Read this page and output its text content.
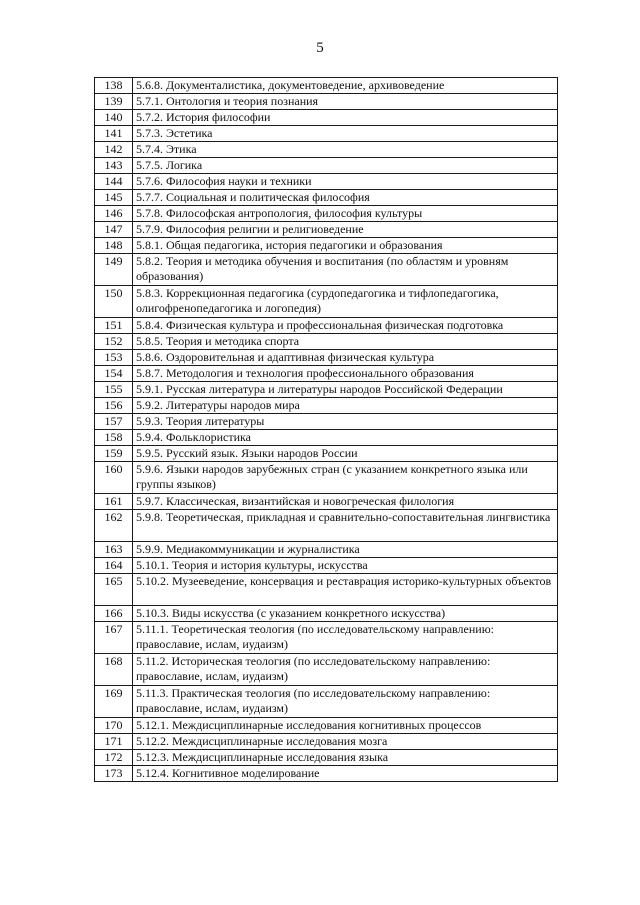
5
138	5.6.8. Документалистика, документоведение, архивоведение
139	5.7.1. Онтология и теория познания
140	5.7.2. История философии
141	5.7.3. Эстетика
142	5.7.4. Этика
143	5.7.5. Логика
144	5.7.6. Философия науки и техники
145	5.7.7. Социальная и политическая философия
146	5.7.8. Философская антропология, философия культуры
147	5.7.9. Философия религии и религиоведение
148	5.8.1. Общая педагогика, история педагогики и образования
149	5.8.2. Теория и методика обучения и воспитания (по областям и уровням образования)
150	5.8.3. Коррекционная педагогика (сурдопедагогика и тифлопедагогика, олигофренопедагогика и логопедия)
151	5.8.4. Физическая культура и профессиональная физическая подготовка
152	5.8.5. Теория и методика спорта
153	5.8.6. Оздоровительная и адаптивная физическая культура
154	5.8.7. Методология и технология профессионального образования
155	5.9.1. Русская литература и литературы народов Российской Федерации
156	5.9.2. Литературы народов мира
157	5.9.3. Теория литературы
158	5.9.4. Фольклористика
159	5.9.5. Русский язык. Языки народов России
160	5.9.6. Языки народов зарубежных стран (с указанием конкретного языка или группы языков)
161	5.9.7. Классическая, византийская и новогреческая филология
162	5.9.8. Теоретическая, прикладная и сравнительно-сопоставительная лингвистика
163	5.9.9. Медиакоммуникации и журналистика
164	5.10.1. Теория и история культуры, искусства
165	5.10.2. Музееведение, консервация и реставрация историко-культурных объектов
166	5.10.3. Виды искусства (с указанием конкретного искусства)
167	5.11.1. Теоретическая теология (по исследовательскому направлению: православие, ислам, иудаизм)
168	5.11.2. Историческая теология (по исследовательскому направлению: православие, ислам, иудаизм)
169	5.11.3. Практическая теология (по исследовательскому направлению: православие, ислам, иудаизм)
170	5.12.1. Междисциплинарные исследования когнитивных процессов
171	5.12.2. Междисциплинарные исследования мозга
172	5.12.3. Междисциплинарные исследования языка
173	5.12.4. Когнитивное моделирование
